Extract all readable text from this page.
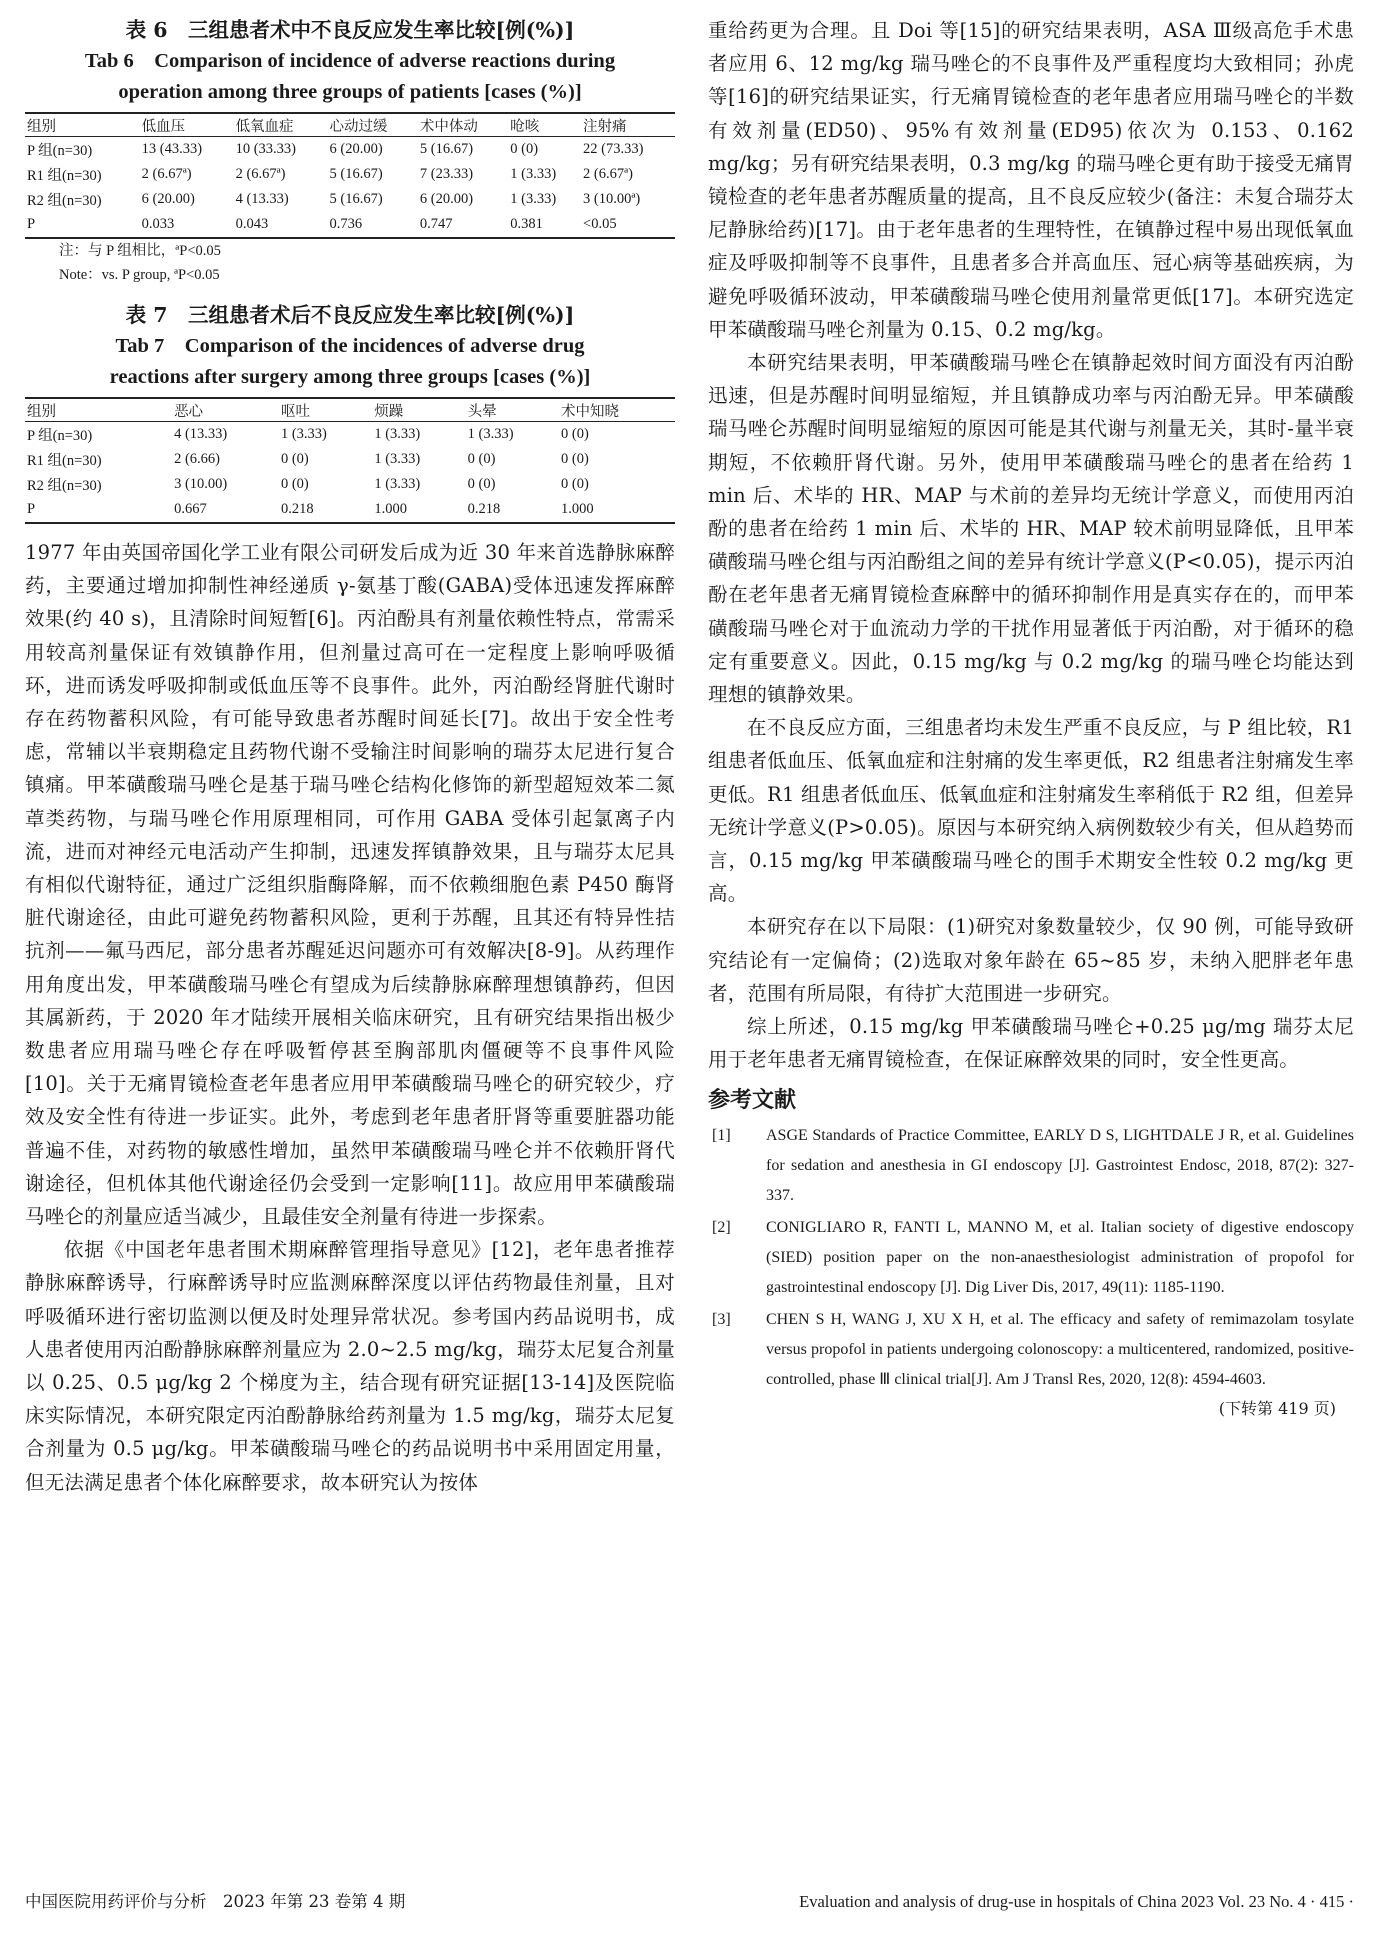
表 6　三组患者术中不良反应发生率比较[例(%)]
Tab 6　Comparison of incidence of adverse reactions during
operation among three groups of patients [cases (%)]
组别	低血压	低氧血症	心动过缓	术中体动	呛咳	注射痛
P 组(n=30)	13 (43.33)	10 (33.33)	6 (20.00)	5 (16.67)	0 (0)	22 (73.33)
R1 组(n=30)	2 (6.67ª)	2 (6.67ª)	5 (16.67)	7 (23.33)	1 (3.33)	2 (6.67ª)
R2 组(n=30)	6 (20.00)	4 (13.33)	5 (16.67)	6 (20.00)	1 (3.33)	3 (10.00ª)
P	0.033	0.043	0.736	0.747	0.381	<0.05
注：与 P 组相比，ªP<0.05
Note：vs. P group, ªP<0.05
表 7　三组患者术后不良反应发生率比较[例(%)]
Tab 7　Comparison of the incidences of adverse drug
reactions after surgery among three groups [cases (%)]
组别	恶心	呕吐	烦躁	头晕	术中知晓
P 组(n=30)	4 (13.33)	1 (3.33)	1 (3.33)	1 (3.33)	0 (0)
R1 组(n=30)	2 (6.66)	0 (0)	1 (3.33)	0 (0)	0 (0)
R2 组(n=30)	3 (10.00)	0 (0)	1 (3.33)	0 (0)	0 (0)
P	0.667	0.218	1.000	0.218	1.000

1977 年由英国帝国化学工业有限公司研发后成为近 30 年来首选静脉麻醉药，主要通过增加抑制性神经递质 γ-氨基丁酸(GABA)受体迅速发挥麻醉效果(约 40 s)，且清除时间短暂[6]。丙泊酚具有剂量依赖性特点，常需采用较高剂量保证有效镇静作用，但剂量过高可在一定程度上影响呼吸循环，进而诱发呼吸抑制或低血压等不良事件。此外，丙泊酚经肾脏代谢时存在药物蓄积风险，有可能导致患者苏醒时间延长[7]。故出于安全性考虑，常辅以半衰期稳定且药物代谢不受输注时间影响的瑞芬太尼进行复合镇痛。甲苯磺酸瑞马唑仑是基于瑞马唑仑结构化修饰的新型超短效苯二氮䓬类药物，与瑞马唑仑作用原理相同，可作用 GABA 受体引起氯离子内流，进而对神经元电活动产生抑制，迅速发挥镇静效果，且与瑞芬太尼具有相似代谢特征，通过广泛组织脂酶降解，而不依赖细胞色素 P450 酶肾脏代谢途径，由此可避免药物蓄积风险，更利于苏醒，且其还有特异性拮抗剂——氟马西尼，部分患者苏醒延迟问题亦可有效解决[8-9]。从药理作用角度出发，甲苯磺酸瑞马唑仑有望成为后续静脉麻醉理想镇静药，但因其属新药，于 2020 年才陆续开展相关临床研究，且有研究结果指出极少数患者应用瑞马唑仑存在呼吸暂停甚至胸部肌肉僵硬等不良事件风险[10]。关于无痛胃镜检查老年患者应用甲苯磺酸瑞马唑仑的研究较少，疗效及安全性有待进一步证实。此外，考虑到老年患者肝肾等重要脏器功能普遍不佳，对药物的敏感性增加，虽然甲苯磺酸瑞马唑仑并不依赖肝肾代谢途径，但机体其他代谢途径仍会受到一定影响[11]。故应用甲苯磺酸瑞马唑仑的剂量应适当减少，且最佳安全剂量有待进一步探索。

依据《中国老年患者围术期麻醉管理指导意见》[12]，老年患者推荐静脉麻醉诱导，行麻醉诱导时应监测麻醉深度以评估药物最佳剂量，且对呼吸循环进行密切监测以便及时处理异常状况。参考国内药品说明书，成人患者使用丙泊酚静脉麻醉剂量应为 2.0~2.5 mg/kg，瑞芬太尼复合剂量以 0.25、0.5 μg/kg 2 个梯度为主，结合现有研究证据[13-14]及医院临床实际情况，本研究限定丙泊酚静脉给药剂量为 1.5 mg/kg，瑞芬太尼复合剂量为 0.5 μg/kg。甲苯磺酸瑞马唑仑的药品说明书中采用固定用量，但无法满足患者个体化麻醉要求，故本研究认为按体

重给药更为合理。且 Doi 等[15]的研究结果表明，ASA Ⅲ级高危手术患者应用 6、12 mg/kg 瑞马唑仑的不良事件及严重程度均大致相同；孙虎等[16]的研究结果证实，行无痛胃镜检查的老年患者应用瑞马唑仑的半数有效剂量(ED50)、95%有效剂量(ED95)依次为 0.153、0.162 mg/kg；另有研究结果表明，0.3 mg/kg 的瑞马唑仑更有助于接受无痛胃镜检查的老年患者苏醒质量的提高，且不良反应较少(备注：未复合瑞芬太尼静脉给药)[17]。由于老年患者的生理特性，在镇静过程中易出现低氧血症及呼吸抑制等不良事件，且患者多合并高血压、冠心病等基础疾病，为避免呼吸循环波动，甲苯磺酸瑞马唑仑使用剂量常更低[17]。本研究选定甲苯磺酸瑞马唑仑剂量为 0.15、0.2 mg/kg。

本研究结果表明，甲苯磺酸瑞马唑仑在镇静起效时间方面没有丙泊酚迅速，但是苏醒时间明显缩短，并且镇静成功率与丙泊酚无异。甲苯磺酸瑞马唑仑苏醒时间明显缩短的原因可能是其代谢与剂量无关，其时-量半衰期短，不依赖肝肾代谢。另外，使用甲苯磺酸瑞马唑仑的患者在给药 1 min 后、术毕的 HR、MAP 与术前的差异均无统计学意义，而使用丙泊酚的患者在给药 1 min 后、术毕的 HR、MAP 较术前明显降低，且甲苯磺酸瑞马唑仑组与丙泊酚组之间的差异有统计学意义(P<0.05)，提示丙泊酚在老年患者无痛胃镜检查麻醉中的循环抑制作用是真实存在的，而甲苯磺酸瑞马唑仑对于血流动力学的干扰作用显著低于丙泊酚，对于循环的稳定有重要意义。因此，0.15 mg/kg 与 0.2 mg/kg 的瑞马唑仑均能达到理想的镇静效果。

在不良反应方面，三组患者均未发生严重不良反应，与 P 组比较，R1 组患者低血压、低氧血症和注射痛的发生率更低，R2 组患者注射痛发生率更低。R1 组患者低血压、低氧血症和注射痛发生率稍低于 R2 组，但差异无统计学意义(P>0.05)。原因与本研究纳入病例数较少有关，但从趋势而言，0.15 mg/kg 甲苯磺酸瑞马唑仑的围手术期安全性较 0.2 mg/kg 更高。

本研究存在以下局限：(1)研究对象数量较少，仅 90 例，可能导致研究结论有一定偏倚；(2)选取对象年龄在 65~85 岁，未纳入肥胖老年患者，范围有所局限，有待扩大范围进一步研究。

综上所述，0.15 mg/kg 甲苯磺酸瑞马唑仑+0.25 μg/mg 瑞芬太尼用于老年患者无痛胃镜检查，在保证麻醉效果的同时，安全性更高。

参考文献
[1]	ASGE Standards of Practice Committee, EARLY D S, LIGHTDALE J R, et al. Guidelines for sedation and anesthesia in GI endoscopy [J]. Gastrointest Endosc, 2018, 87(2): 327-337.
[2]	CONIGLIARO R, FANTI L, MANNO M, et al. Italian society of digestive endoscopy (SIED) position paper on the non-anaesthesiologist administration of propofol for gastrointestinal endoscopy [J]. Dig Liver Dis, 2017, 49(11): 1185-1190.
[3]	CHEN S H, WANG J, XU X H, et al. The efficacy and safety of remimazolam tosylate versus propofol in patients undergoing colonoscopy: a multicentered, randomized, positive-controlled, phase Ⅲ clinical trial[J]. Am J Transl Res, 2020, 12(8): 4594-4603.
(下转第 419 页)
中国医院用药评价与分析　2023 年第 23 卷第 4 期	Evaluation and analysis of drug-use in hospitals of China 2023 Vol. 23 No. 4 · 415 ·
